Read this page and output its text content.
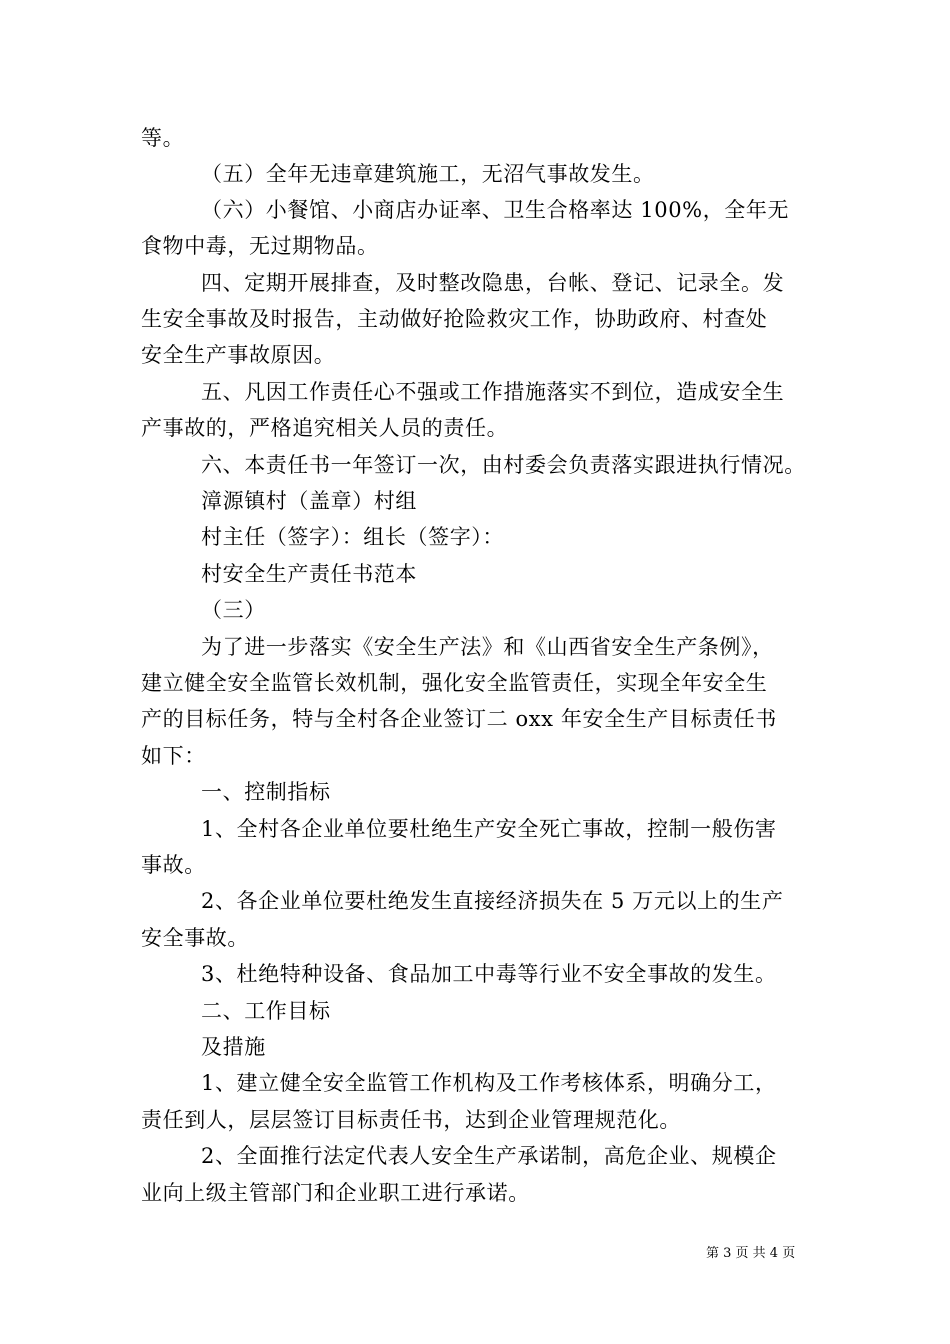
等。
（五）全年无违章建筑施工，无沼气事故发生。
（六）小餐馆、小商店办证率、卫生合格率达 100%，全年无
食物中毒，无过期物品。
四、定期开展排查，及时整改隐患，台帐、登记、记录全。发
生安全事故及时报告，主动做好抢险救灾工作，协助政府、村查处
安全生产事故原因。
五、凡因工作责任心不强或工作措施落实不到位，造成安全生
产事故的，严格追究相关人员的责任。
六、本责任书一年签订一次，由村委会负责落实跟进执行情况。
漳源镇村（盖章）村组
村主任（签字）：组长（签字）：
村安全生产责任书范本
（三）
为了进一步落实《安全生产法》和《山西省安全生产条例》，
建立健全安全监管长效机制，强化安全监管责任，实现全年安全生
产的目标任务，特与全村各企业签订二 oxx 年安全生产目标责任书
如下：
一、控制指标
1、全村各企业单位要杜绝生产安全死亡事故，控制一般伤害
事故。
2、各企业单位要杜绝发生直接经济损失在 5 万元以上的生产
安全事故。
3、杜绝特种设备、食品加工中毒等行业不安全事故的发生。
二、工作目标
及措施
1、建立健全安全监管工作机构及工作考核体系，明确分工，
责任到人，层层签订目标责任书，达到企业管理规范化。
2、全面推行法定代表人安全生产承诺制，高危企业、规模企
业向上级主管部门和企业职工进行承诺。
第 3 页 共 4 页
